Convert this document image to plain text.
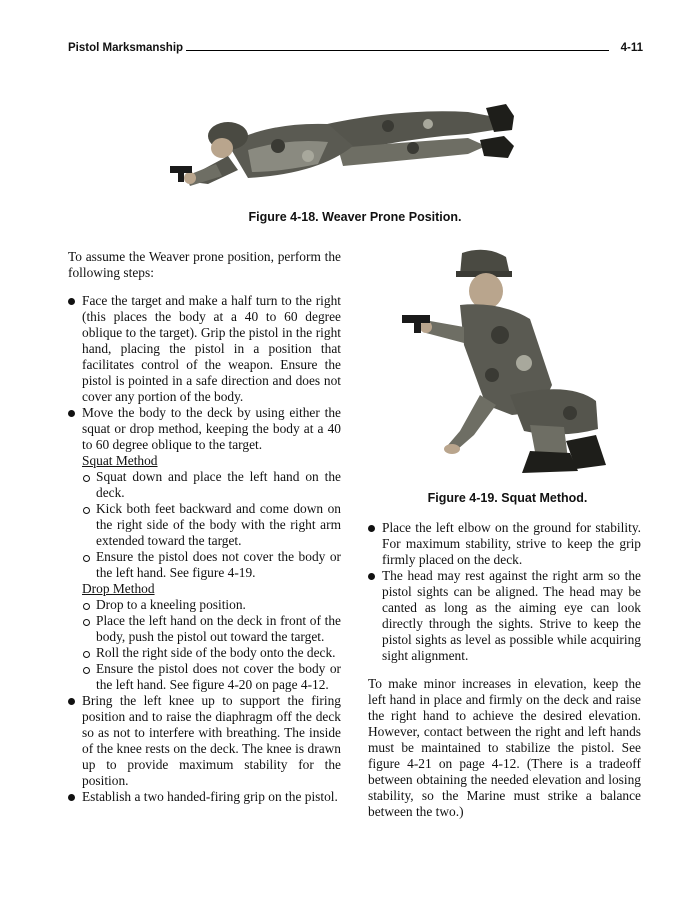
Pistol Marksmanship	4-11
Figure 4-18. Weaver Prone Position.
Figure 4-19. Squat Method.

To assume the Weaver prone position, perform the following steps:

Face the target and make a half turn to the right (this places the body at a 40 to 60 degree oblique to the target). Grip the pistol in the right hand, placing the pistol in a position that facilitates control of the weapon. Ensure the pistol is pointed in a safe direction and does not cover any portion of the body.
Move the body to the deck by using either the squat or drop method, keeping the body at a 40 to 60 degree oblique to the target.
Squat Method
Squat down and place the left hand on the deck.
Kick both feet backward and come down on the right side of the body with the right arm extended toward the target.
Ensure the pistol does not cover the body or the left hand. See figure 4-19.
Drop Method
Drop to a kneeling position.
Place the left hand on the deck in front of the body, push the pistol out toward the target.
Roll the right side of the body onto the deck.
Ensure the pistol does not cover the body or the left hand. See figure 4-20 on page 4-12.
Bring the left knee up to support the firing position and to raise the diaphragm off the deck so as not to interfere with breathing. The inside of the knee rests on the deck. The knee is drawn up to provide maximum stability for the position.
Establish a two handed-firing grip on the pistol.
Place the left elbow on the ground for stability. For maximum stability, strive to keep the grip firmly placed on the deck.
The head may rest against the right arm so the pistol sights can be aligned. The head may be canted as long as the aiming eye can look directly through the sights. Strive to keep the pistol sights as level as possible while acquiring sight alignment.

To make minor increases in elevation, keep the left hand in place and firmly on the deck and raise the right hand to achieve the desired elevation. However, contact between the right and left hands must be maintained to stabilize the pistol. See figure 4-21 on page 4-12. (There is a tradeoff between obtaining the needed elevation and losing stability, so the Marine must strike a balance between the two.)
